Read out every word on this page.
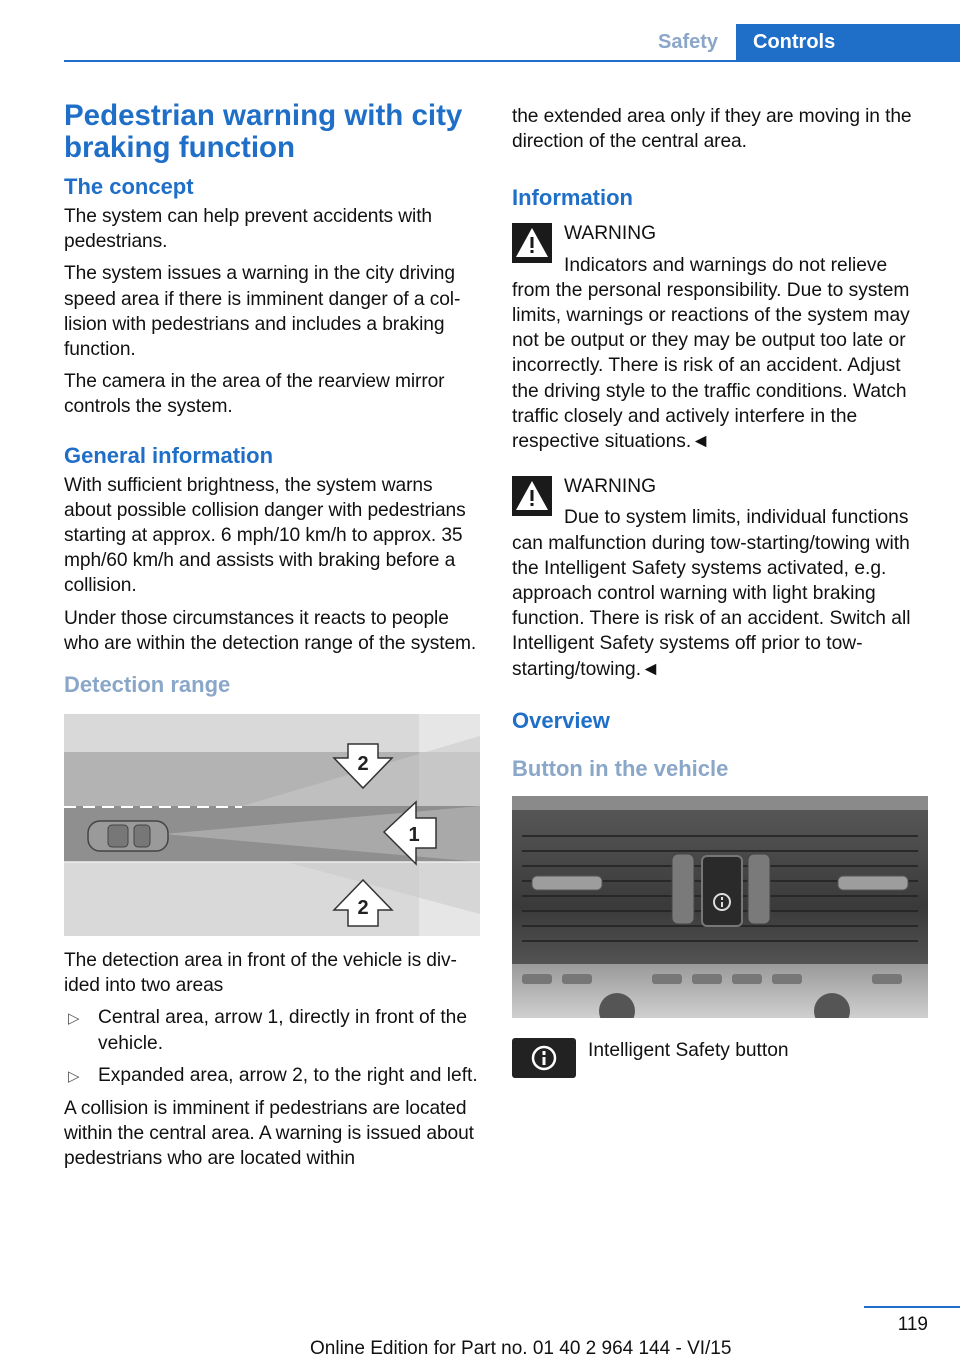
Safety	Controls
Pedestrian warning with city braking function
The concept

The system can help prevent accidents with pedestrians.

The system issues a warning in the city driving speed area if there is imminent danger of a collision with pedestrians and includes a braking function.

The camera in the area of the rearview mirror controls the system.

General information

With sufficient brightness, the system warns about possible collision danger with pedestrians starting at approx. 6 mph/10 km/h to approx. 35 mph/60 km/h and assists with braking before a collision.

Under those circumstances it reacts to people who are within the detection range of the system.

Detection range
2
1
2

The detection area in front of the vehicle is divided into two areas

▷ Central area, arrow 1, directly in front of the vehicle.
▷ Expanded area, arrow 2, to the right and left.

A collision is imminent if pedestrians are located within the central area. A warning is issued about pedestrians who are located within

the extended area only if they are moving in the direction of the central area.

Information
WARNING
Indicators and warnings do not relieve
from the personal responsibility. Due to system limits, warnings or reactions of the system may not be output or they may be output too late or incorrectly. There is risk of an accident. Adjust the driving style to the traffic conditions. Watch traffic closely and actively interfere in the respective situations.◄
WARNING
Due to system limits, individual functions
can malfunction during tow-starting/towing with the Intelligent Safety systems activated, e.g. approach control warning with light braking function. There is risk of an accident. Switch all Intelligent Safety systems off prior to tow-starting/towing.◄
Overview
Button in the vehicle
Intelligent Safety button
119
Online Edition for Part no. 01 40 2 964 144 - VI/15
